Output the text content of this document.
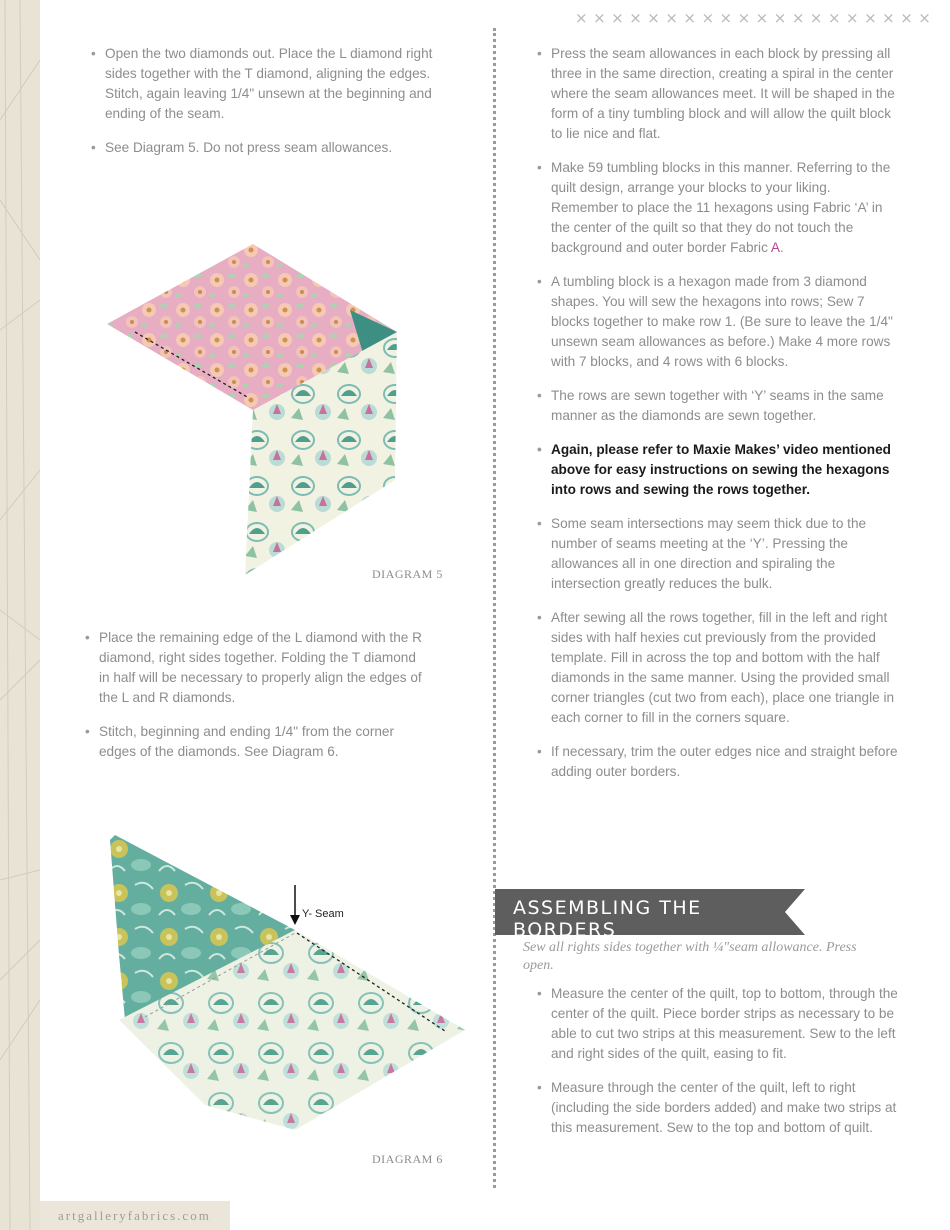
artgalleryfabrics.com
××××××××××××××××××××
• Open the two diamonds out. Place the L diamond right sides together with the T diamond, aligning the edges. Stitch, again leaving 1/4" unsewn at the beginning and ending of the seam.
• See Diagram 5. Do not press seam allowances.
DIAGRAM 5
• Place the remaining edge of the L diamond with the R diamond, right sides together. Folding the T diamond in half will be necessary to properly align the edges of the L and R diamonds.
• Stitch, beginning and ending 1/4" from the corner edges of the diamonds. See Diagram 6.
Y- Seam
DIAGRAM 6
• Press the seam allowances in each block by pressing all three in the same direction, creating a spiral in the center where the seam allowances meet. It will be shaped in the form of a tiny tumbling block and will allow the quilt block to lie nice and flat.
• Make 59 tumbling blocks in this manner. Referring to the quilt design, arrange your blocks to your liking. Remember to place the 11 hexagons using Fabric ‘A’ in the center of the quilt so that they do not touch the background and outer border Fabric A.
• A tumbling block is a hexagon made from 3 diamond shapes. You will sew the hexagons into rows; Sew 7 blocks together to make row 1. (Be sure to leave the 1/4" unsewn seam allowances as before.) Make 4 more rows with 7 blocks, and 4 rows with 6 blocks.
• The rows are sewn together with ‘Y’ seams in the same manner as the diamonds are sewn together.
• Again, please refer to Maxie Makes’ video mentioned above for easy instructions on sewing the hexagons into rows and sewing the rows together.
• Some seam intersections may seem thick due to the number of seams meeting at the ‘Y’. Pressing the allowances all in one direction and spiraling the intersection greatly reduces the bulk.
• After sewing all the rows together, fill in the left and right sides with half hexies cut previously from the provided template. Fill in across the top and bottom with the half diamonds in the same manner. Using the provided small corner triangles (cut two from each), place one triangle in each corner to fill in the corners square.
• If necessary, trim the outer edges nice and straight before adding outer borders.
ASSEMBLING THE BORDERS
Sew all rights sides together with ¼"seam allowance. Press open.
• Measure the center of the quilt, top to bottom, through the center of the quilt. Piece border strips as necessary to be able to cut two strips at this measurement. Sew to the left and right sides of the quilt, easing to fit.
• Measure through the center of the quilt, left to right (including the side borders added) and make two strips at this measurement. Sew to the top and bottom of quilt.
